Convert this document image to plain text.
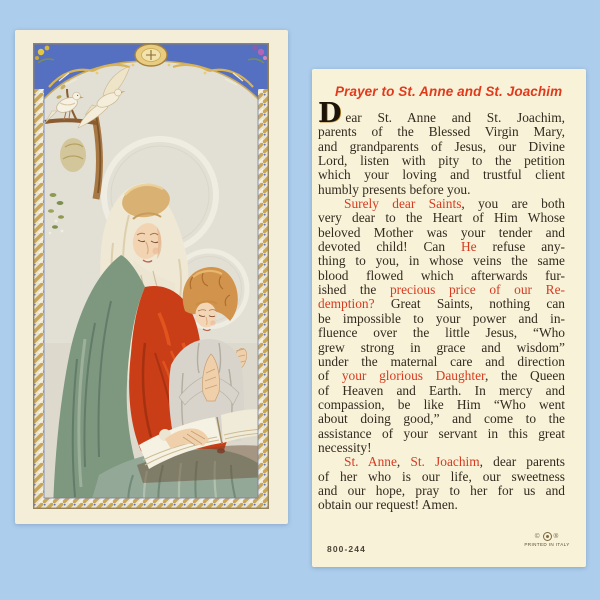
Prayer to St. Anne and St. Joachim
Dear St. Anne and St. Joachim,
parents of the Blessed Virgin Mary,
and grandparents of Jesus, our Divine
Lord, listen with pity to the petition
which your loving and trustful client
humbly presents before you.
Surely dear Saints, you are both
very dear to the Heart of Him Whose
beloved Mother was your tender and
devoted child! Can He refuse any-
thing to you, in whose veins the same
blood flowed which afterwards fur-
ished the precious price of our Re-
demption? Great Saints, nothing can
be impossible to your power and in-
fluence over the little Jesus, “Who
grew strong in grace and wisdom”
under the maternal care and direction
of your glorious Daughter, the Queen
of Heaven and Earth. In mercy and
compassion, be like Him “Who went
about doing good,” and come to the
assistance of your servant in this great
necessity!
St. Anne, St. Joachim, dear parents
of her who is our life, our sweetness
and our hope, pray to her for us and
obtain our request! Amen.
800-244
© ®
PRINTED IN ITALY
